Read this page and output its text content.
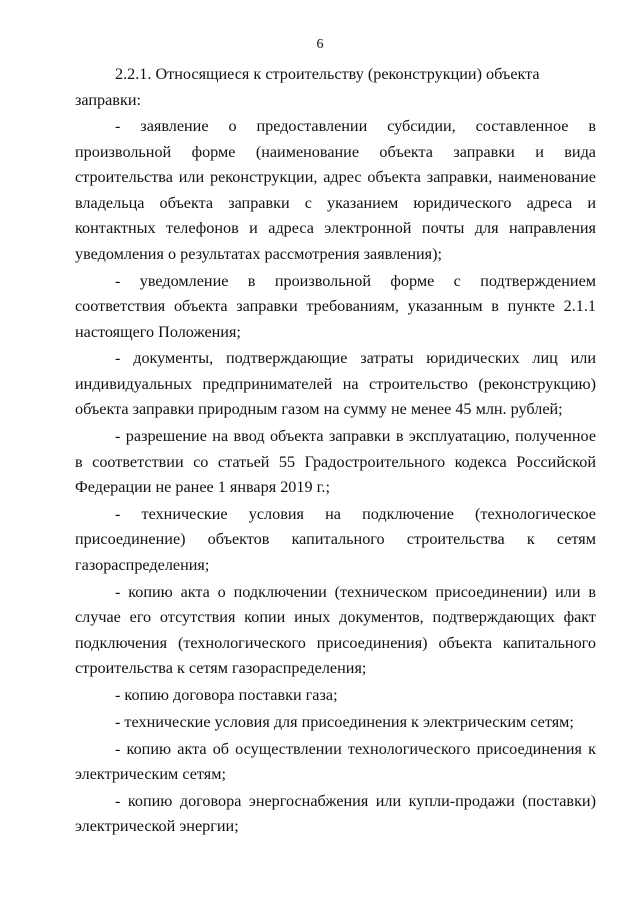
6

2.2.1. Относящиеся к строительству (реконструкции) объекта заправки:

- заявление о предоставлении субсидии, составленное в произвольной форме (наименование объекта заправки и вида строительства или реконструкции, адрес объекта заправки, наименование владельца объекта заправки с указанием юридического адреса и контактных телефонов и адреса электронной почты для направления уведомления о результатах рассмотрения заявления);

- уведомление в произвольной форме с подтверждением соответствия объекта заправки требованиям, указанным в пункте 2.1.1 настоящего Положения;

- документы, подтверждающие затраты юридических лиц или индивидуальных предпринимателей на строительство (реконструкцию) объекта заправки природным газом на сумму не менее 45 млн. рублей;

- разрешение на ввод объекта заправки в эксплуатацию, полученное в соответствии со статьей 55 Градостроительного кодекса Российской Федерации не ранее 1 января 2019 г.;

- технические условия на подключение (технологическое присоединение) объектов капитального строительства к сетям газораспределения;

- копию акта о подключении (техническом присоединении) или в случае его отсутствия копии иных документов, подтверждающих факт подключения (технологического присоединения) объекта капитального строительства к сетям газораспределения;

- копию договора поставки газа;

- технические условия для присоединения к электрическим сетям;

- копию акта об осуществлении технологического присоединения к электрическим сетям;

- копию договора энергоснабжения или купли-продажи (поставки) электрической энергии;
